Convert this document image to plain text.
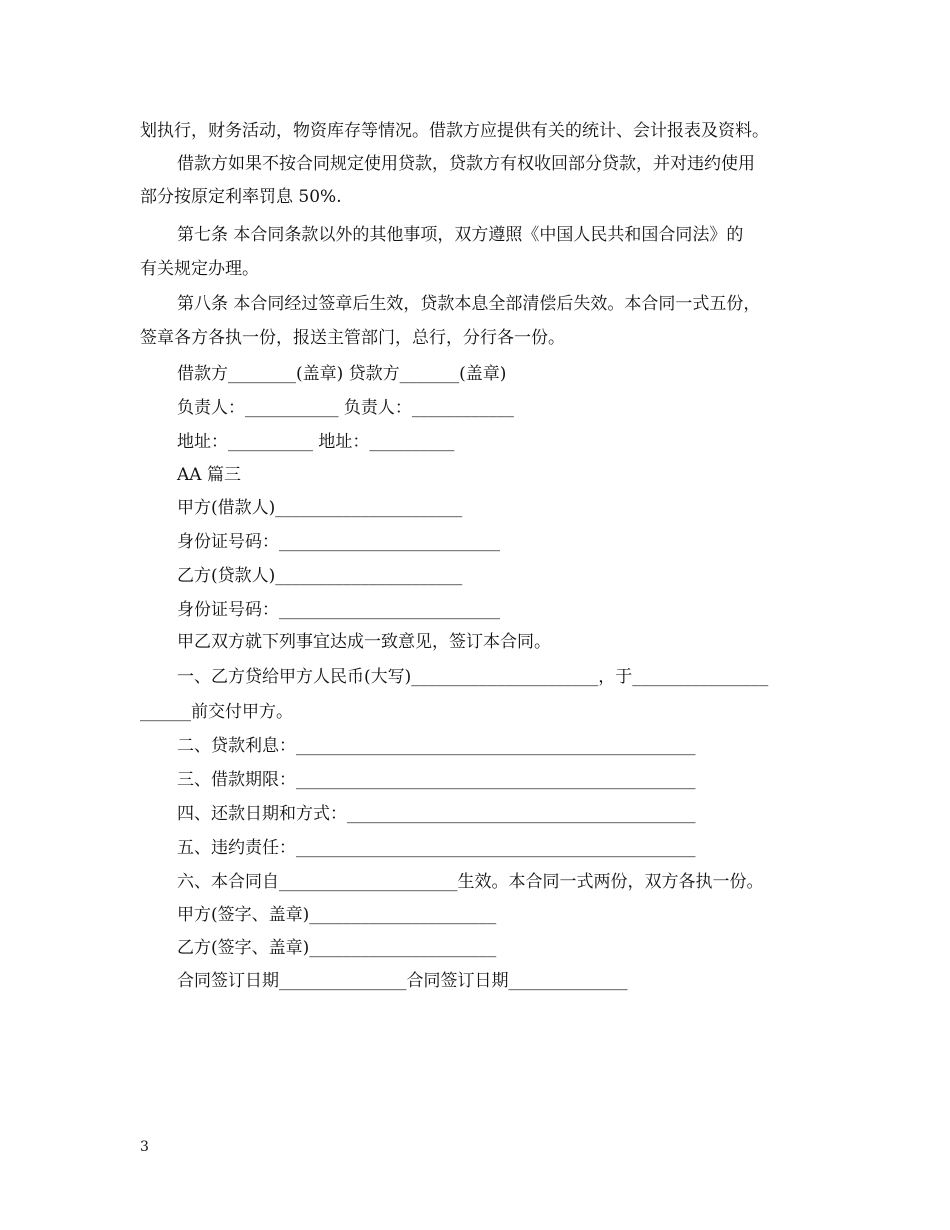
划执行，财务活动，物资库存等情况。借款方应提供有关的统计、会计报表及资料。
借款方如果不按合同规定使用贷款，贷款方有权收回部分贷款，并对违约使用
部分按原定利率罚息 50%.
第七条 本合同条款以外的其他事项，双方遵照《中国人民共和国合同法》的
有关规定办理。
第八条 本合同经过签章后生效，贷款本息全部清偿后失效。本合同一式五份，
签章各方各执一份，报送主管部门，总行，分行各一份。
借款方________(盖章) 贷款方_______(盖章)
负责人：___________ 负责人：____________
地址：__________ 地址：__________
AA 篇三
甲方(借款人)______________________
身份证号码：__________________________
乙方(贷款人)______________________
身份证号码：__________________________
甲乙双方就下列事宜达成一致意见，签订本合同。
一、乙方贷给甲方人民币(大写)______________________，于________________
______前交付甲方。
二、贷款利息：_______________________________________________
三、借款期限：_______________________________________________
四、还款日期和方式：_________________________________________
五、违约责任：_______________________________________________
六、本合同自_____________________生效。本合同一式两份，双方各执一份。
甲方(签字、盖章)______________________
乙方(签字、盖章)______________________
合同签订日期_______________合同签订日期______________
3
